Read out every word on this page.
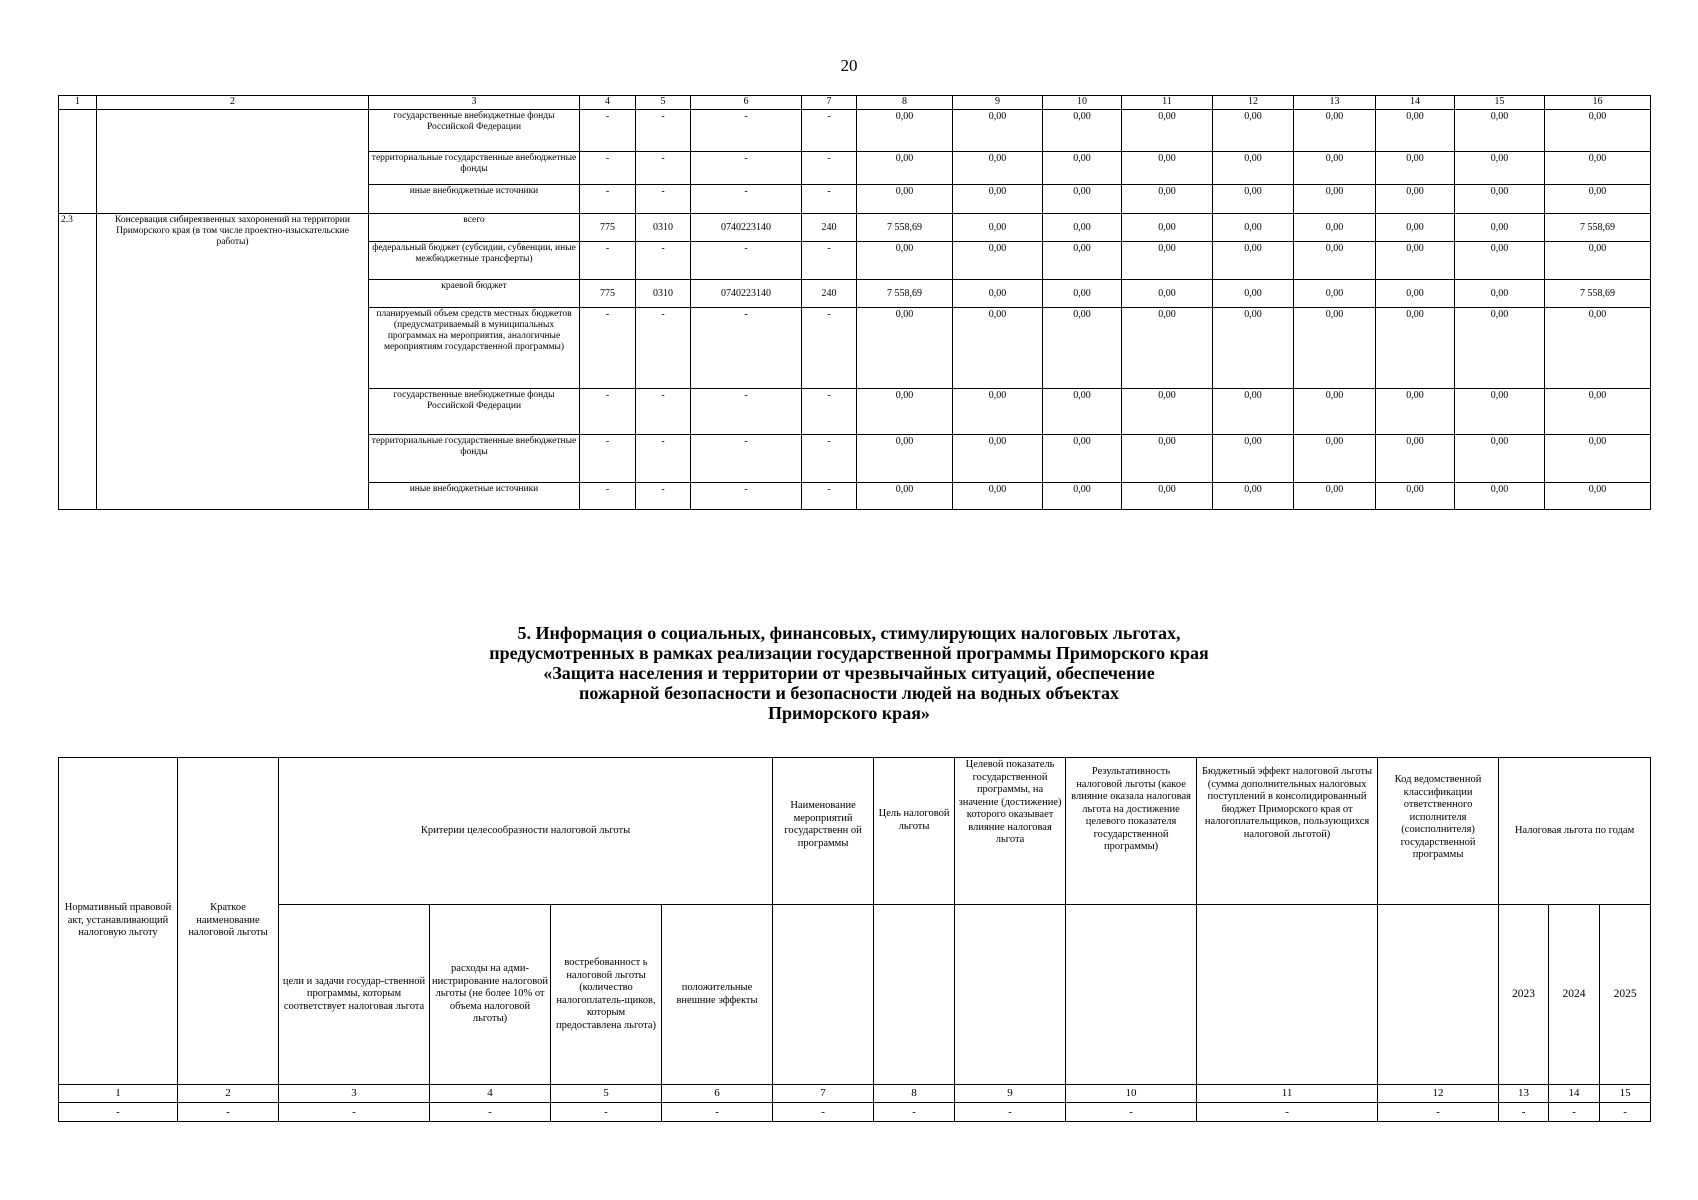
20
1	2	3	4	5	6	7	8	9	10	11	12	13	14	15	16
		государственные внебюджетные фонды Российской Федерации	-	-	-	-	0,00	0,00	0,00	0,00	0,00	0,00	0,00	0,00	0,00
		территориальные государственные внебюджетные фонды	-	-	-	-	0,00	0,00	0,00	0,00	0,00	0,00	0,00	0,00	0,00
		иные внебюджетные источники	-	-	-	-	0,00	0,00	0,00	0,00	0,00	0,00	0,00	0,00	0,00
2.3	Консервация сибиреязвенных захоронений на территории Приморского края (в том числе проектно-изыскательские работы)	всего	775	0310	0740223140	240	7 558,69	0,00	0,00	0,00	0,00	0,00	0,00	0,00	7 558,69
		федеральный бюджет (субсидии, субвенции, иные межбюджетные трансферты)	-	-	-	-	0,00	0,00	0,00	0,00	0,00	0,00	0,00	0,00	0,00
		краевой бюджет	775	0310	0740223140	240	7 558,69	0,00	0,00	0,00	0,00	0,00	0,00	0,00	7 558,69
		планируемый объем средств местных бюджетов (предусматриваемый в муниципальных программах на мероприятия, аналогичные мероприятиям государственной программы)	-	-	-	-	0,00	0,00	0,00	0,00	0,00	0,00	0,00	0,00	0,00
		государственные внебюджетные фонды Российской Федерации	-	-	-	-	0,00	0,00	0,00	0,00	0,00	0,00	0,00	0,00	0,00
		территориальные государственные внебюджетные фонды	-	-	-	-	0,00	0,00	0,00	0,00	0,00	0,00	0,00	0,00	0,00
		иные внебюджетные источники	-	-	-	-	0,00	0,00	0,00	0,00	0,00	0,00	0,00	0,00	0,00
5. Информация о социальных, финансовых, стимулирующих налоговых льготах,
предусмотренных в рамках реализации государственной программы Приморского края
«Защита населения и территории от чрезвычайных ситуаций, обеспечение
пожарной безопасности и безопасности людей на водных объектах
Приморского края»
Нормативный правовой акт, устанавливающий налоговую льготу	Краткое наименование налоговой льготы	Критерии целесообразности налоговой льготы				Наименование мероприятий государственн ой программы	Цель налоговой льготы	Целевой показатель государственной программы, на значение (достижение) которого оказывает влияние налоговая льгота	Результативность налоговой льготы (какое влияние оказала налоговая льгота на достижение целевого показателя государственной программы)	Бюджетный эффект налоговой льготы (сумма дополнительных налоговых поступлений в консолидированный бюджет Приморского края от налогоплательщиков, пользующихся налоговой льготой)	Код ведомственной классификации ответственного исполнителя (соисполнителя) государственной программы	Налоговая льгота по годам		
		цели и задачи государ-ственной программы, которым соответствует налоговая льгота	расходы на адми-нистрирование налоговой льготы (не более 10% от объема налоговой льготы)	востребованност ь налоговой льготы (количество налогоплатель-щиков, которым предоставлена льгота)	положительные внешние эффекты							2023	2024	2025
1	2	3	4	5	6	7	8	9	10	11	12	13	14	15
-	-	-	-	-	-	-	-	-	-	-	-	-	-	-
